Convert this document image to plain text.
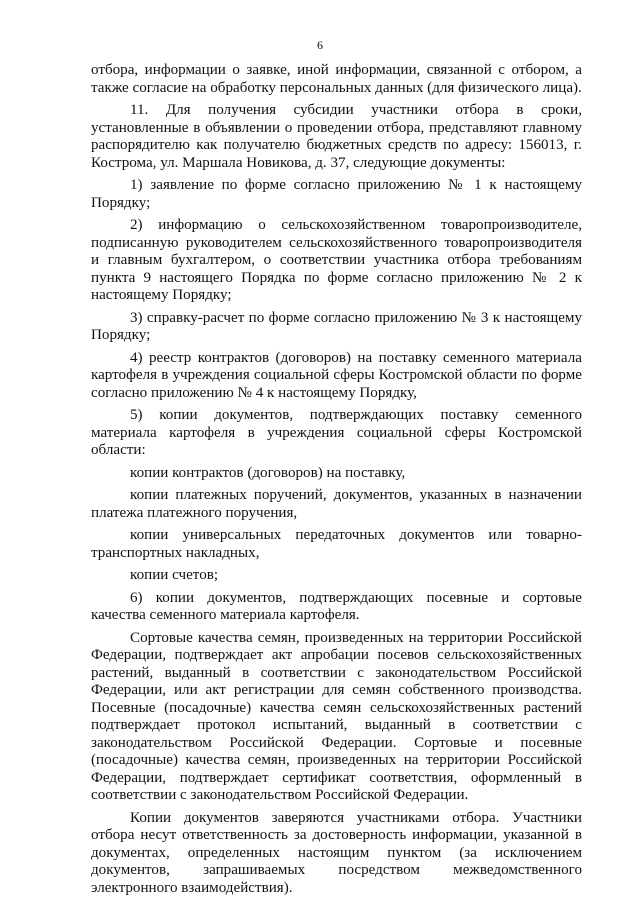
6

отбора, информации о заявке, иной информации, связанной с отбором, а также согласие на обработку персональных данных (для физического лица).

11. Для получения субсидии участники отбора в сроки, установленные в объявлении о проведении отбора, представляют главному распорядителю как получателю бюджетных средств по адресу: 156013, г. Кострома, ул. Маршала Новикова, д. 37, следующие документы:

1) заявление по форме согласно приложению № 1 к настоящему Порядку;

2) информацию о сельскохозяйственном товаропроизводителе, подписанную руководителем сельскохозяйственного товаропроизводителя и главным бухгалтером, о соответствии участника отбора требованиям пункта 9 настоящего Порядка по форме согласно приложению № 2 к настоящему Порядку;

3) справку-расчет по форме согласно приложению № 3 к настоящему Порядку;

4) реестр контрактов (договоров) на поставку семенного материала картофеля в учреждения социальной сферы Костромской области по форме согласно приложению № 4 к настоящему Порядку,

5) копии документов, подтверждающих поставку семенного материала картофеля в учреждения социальной сферы Костромской области:

копии контрактов (договоров) на поставку,

копии платежных поручений, документов, указанных в назначении платежа платежного поручения,

копии универсальных передаточных документов или товарно-транспортных накладных,

копии счетов;

6) копии документов, подтверждающих посевные и сортовые качества семенного материала картофеля.

Сортовые качества семян, произведенных на территории Российской Федерации, подтверждает акт апробации посевов сельскохозяйственных растений, выданный в соответствии с законодательством Российской Федерации, или акт регистрации для семян собственного производства. Посевные (посадочные) качества семян сельскохозяйственных растений подтверждает протокол испытаний, выданный в соответствии с законодательством Российской Федерации. Сортовые и посевные (посадочные) качества семян, произведенных на территории Российской Федерации, подтверждает сертификат соответствия, оформленный в соответствии с законодательством Российской Федерации.

Копии документов заверяются участниками отбора. Участники отбора несут ответственность за достоверность информации, указанной в документах, определенных настоящим пунктом (за исключением документов, запрашиваемых посредством межведомственного электронного взаимодействия).
